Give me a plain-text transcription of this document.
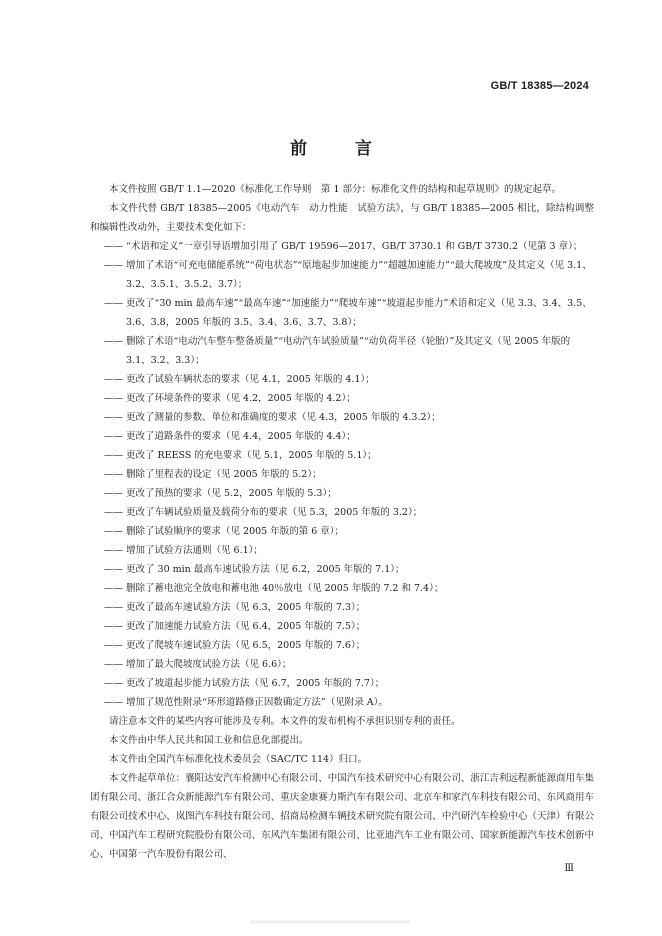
GB/T 18385—2024
前 言

本文件按照 GB/T 1.1—2020《标准化工作导则　第 1 部分：标准化文件的结构和起草规则》的规定起草。

本文件代替 GB/T 18385—2005《电动汽车　动力性能　试验方法》，与 GB/T 18385—2005 相比，除结构调整和编辑性改动外，主要技术变化如下：

—— “术语和定义”一章引导语增加引用了 GB/T 19596—2017、GB/T 3730.1 和 GB/T 3730.2（见第 3 章）；

—— 增加了术语“可充电储能系统”“荷电状态”“原地起步加速能力”“超越加速能力”“最大爬坡度”及其定义（见 3.1、3.2、3.5.1、3.5.2、3.7）；

—— 更改了“30 min 最高车速”“最高车速”“加速能力”“爬坡车速”“坡道起步能力”术语和定义（见 3.3、3.4、3.5、3.6、3.8，2005 年版的 3.5、3.4、3.6、3.7、3.8）；

—— 删除了术语“电动汽车整车整备质量”“电动汽车试验质量”“动负荷半径（轮胎）”及其定义（见 2005 年版的 3.1、3.2、3.3）；

—— 更改了试验车辆状态的要求（见 4.1，2005 年版的 4.1）；

—— 更改了环境条件的要求（见 4.2，2005 年版的 4.2）；

—— 更改了测量的参数、单位和准确度的要求（见 4.3，2005 年版的 4.3.2）；

—— 更改了道路条件的要求（见 4.4，2005 年版的 4.4）；

—— 更改了 REESS 的充电要求（见 5.1，2005 年版的 5.1）；

—— 删除了里程表的设定（见 2005 年版的 5.2）；

—— 更改了预热的要求（见 5.2，2005 年版的 5.3）；

—— 更改了车辆试验质量及载荷分布的要求（见 5.3，2005 年版的 3.2）；

—— 删除了试验顺序的要求（见 2005 年版的第 6 章）；

—— 增加了试验方法通则（见 6.1）；

—— 更改了 30 min 最高车速试验方法（见 6.2，2005 年版的 7.1）；

—— 删除了蓄电池完全放电和蓄电池 40％放电（见 2005 年版的 7.2 和 7.4）；

—— 更改了最高车速试验方法（见 6.3，2005 年版的 7.3）；

—— 更改了加速能力试验方法（见 6.4，2005 年版的 7.5）；

—— 更改了爬坡车速试验方法（见 6.5，2005 年版的 7.6）；

—— 增加了最大爬坡度试验方法（见 6.6）；

—— 更改了坡道起步能力试验方法（见 6.7，2005 年版的 7.7）；

—— 增加了规范性附录“环形道路修正因数确定方法”（见附录 A）。

请注意本文件的某些内容可能涉及专利。本文件的发布机构不承担识别专利的责任。

本文件由中华人民共和国工业和信息化部提出。

本文件由全国汽车标准化技术委员会（SAC/TC 114）归口。

本文件起草单位：襄阳达安汽车检测中心有限公司、中国汽车技术研究中心有限公司、浙江吉利远程新能源商用车集团有限公司、浙江合众新能源汽车有限公司、重庆金康赛力斯汽车有限公司、北京车和家汽车科技有限公司、东风商用车有限公司技术中心、岚图汽车科技有限公司、招商局检测车辆技术研究院有限公司、中汽研汽车检验中心（天津）有限公司、中国汽车工程研究院股份有限公司、东风汽车集团有限公司、比亚迪汽车工业有限公司、国家新能源汽车技术创新中心、中国第一汽车股份有限公司、

Ⅲ
